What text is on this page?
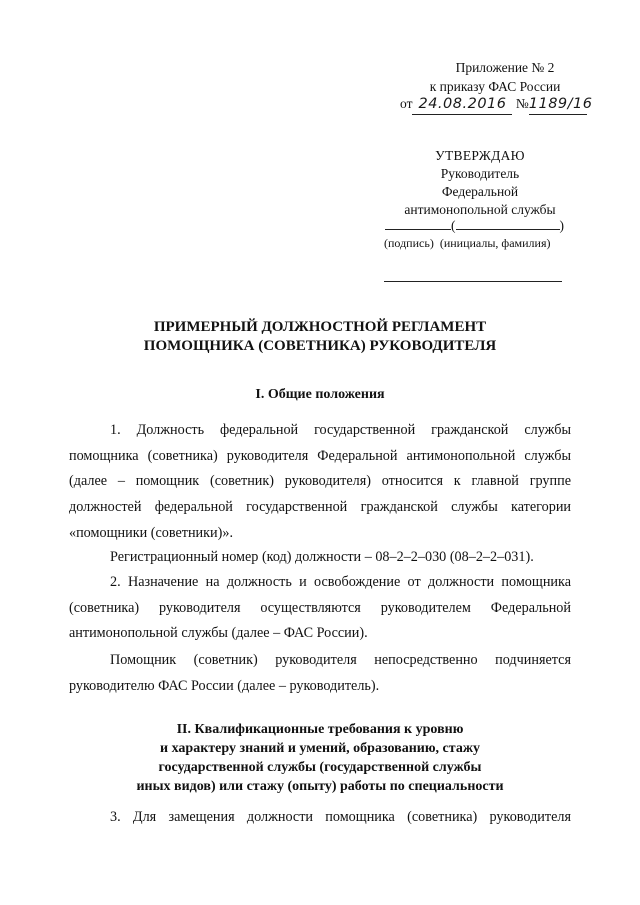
Приложение № 2
к приказу ФАС России
от 24.08.2016 №1189/16
УТВЕРЖДАЮ
Руководитель
Федеральной
антимонопольной службы
(	)
(подпись) (инициалы, фамилия)
ПРИМЕРНЫЙ ДОЛЖНОСТНОЙ РЕГЛАМЕНТ
ПОМОЩНИКА (СОВЕТНИКА) РУКОВОДИТЕЛЯ
I. Общие положения
1. Должность федеральной государственной гражданской службы помощника (советника) руководителя Федеральной антимонопольной службы (далее – помощник (советник) руководителя) относится к главной группе должностей федеральной государственной гражданской службы категории «помощники (советники)».
Регистрационный номер (код) должности – 08–2–2–030 (08–2–2–031).
2. Назначение на должность и освобождение от должности помощника (советника) руководителя осуществляются руководителем Федеральной антимонопольной службы (далее – ФАС России).
Помощник (советник) руководителя непосредственно подчиняется руководителю ФАС России (далее – руководитель).
II. Квалификационные требования к уровню
и характеру знаний и умений, образованию, стажу
государственной службы (государственной службы
иных видов) или стажу (опыту) работы по специальности
3. Для замещения должности помощника (советника) руководителя
